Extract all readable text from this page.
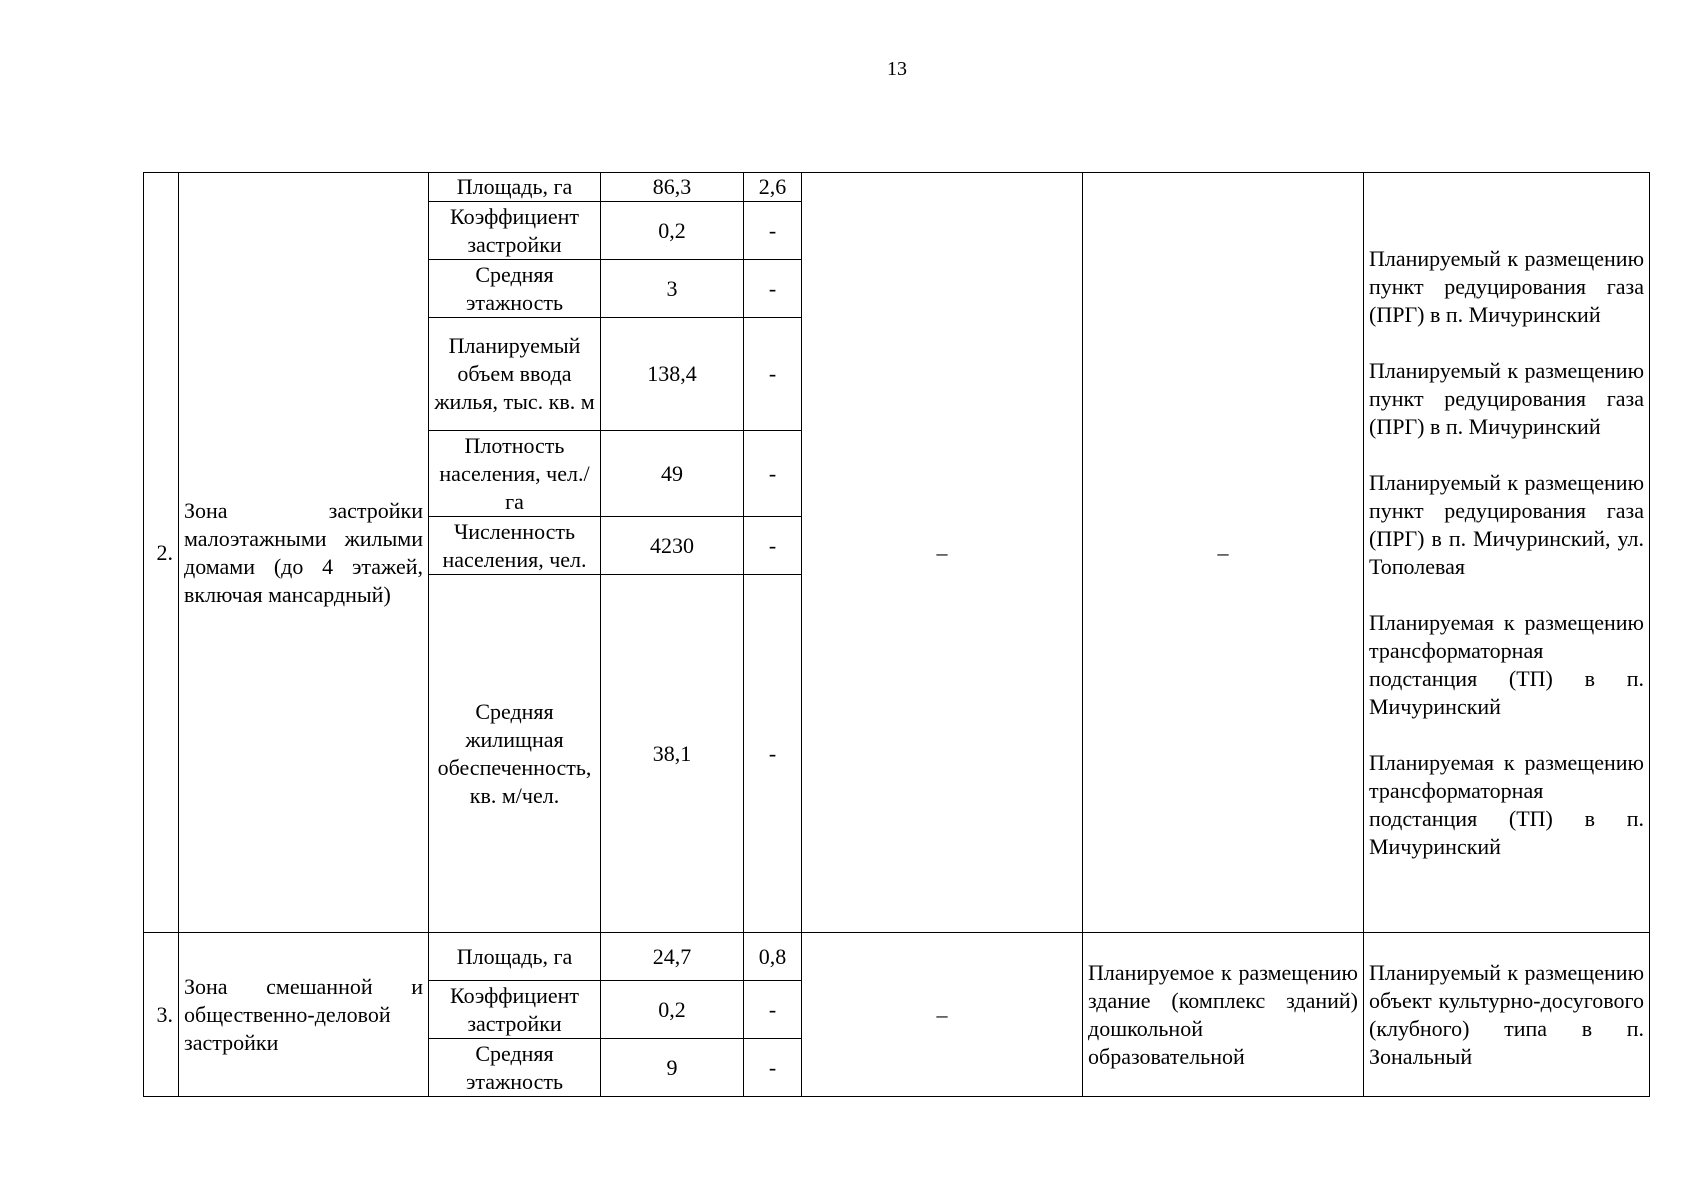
13
2.	Зона застройки малоэтажными жилыми домами (до 4 этажей, включая мансардный)	Площадь, га	86,3	2,6	–	–	Планируемый к размещению пункт редуцирования газа (ПРГ) в п. Мичуринский

Планируемый к размещению пункт редуцирования газа (ПРГ) в п. Мичуринский

Планируемый к размещению пункт редуцирования газа (ПРГ) в п. Мичуринский, ул. Тополевая

Планируемая к размещению трансформаторная подстанция (ТП) в п. Мичуринский

Планируемая к размещению трансформаторная подстанция (ТП) в п. Мичуринский

		Коэффициент застройки	0,2	-			
		Средняя этажность	3	-			
		Планируемый объем ввода жилья, тыс. кв. м	138,4	-			
		Плотность населения, чел./га	49	-			
		Численность населения, чел.	4230	-			
		Средняя жилищная обеспеченность, кв. м/чел.	38,1	-			
3.	Зона смешанной и общественно-деловой застройки	Площадь, га	24,7	0,8	–	Планируемое к размещению здание (комплекс зданий) дошкольной образовательной	Планируемый к размещению объект культурно-досугового (клубного) типа в п. Зональный
		Коэффициент застройки	0,2	-			
		Средняя этажность	9	-			
